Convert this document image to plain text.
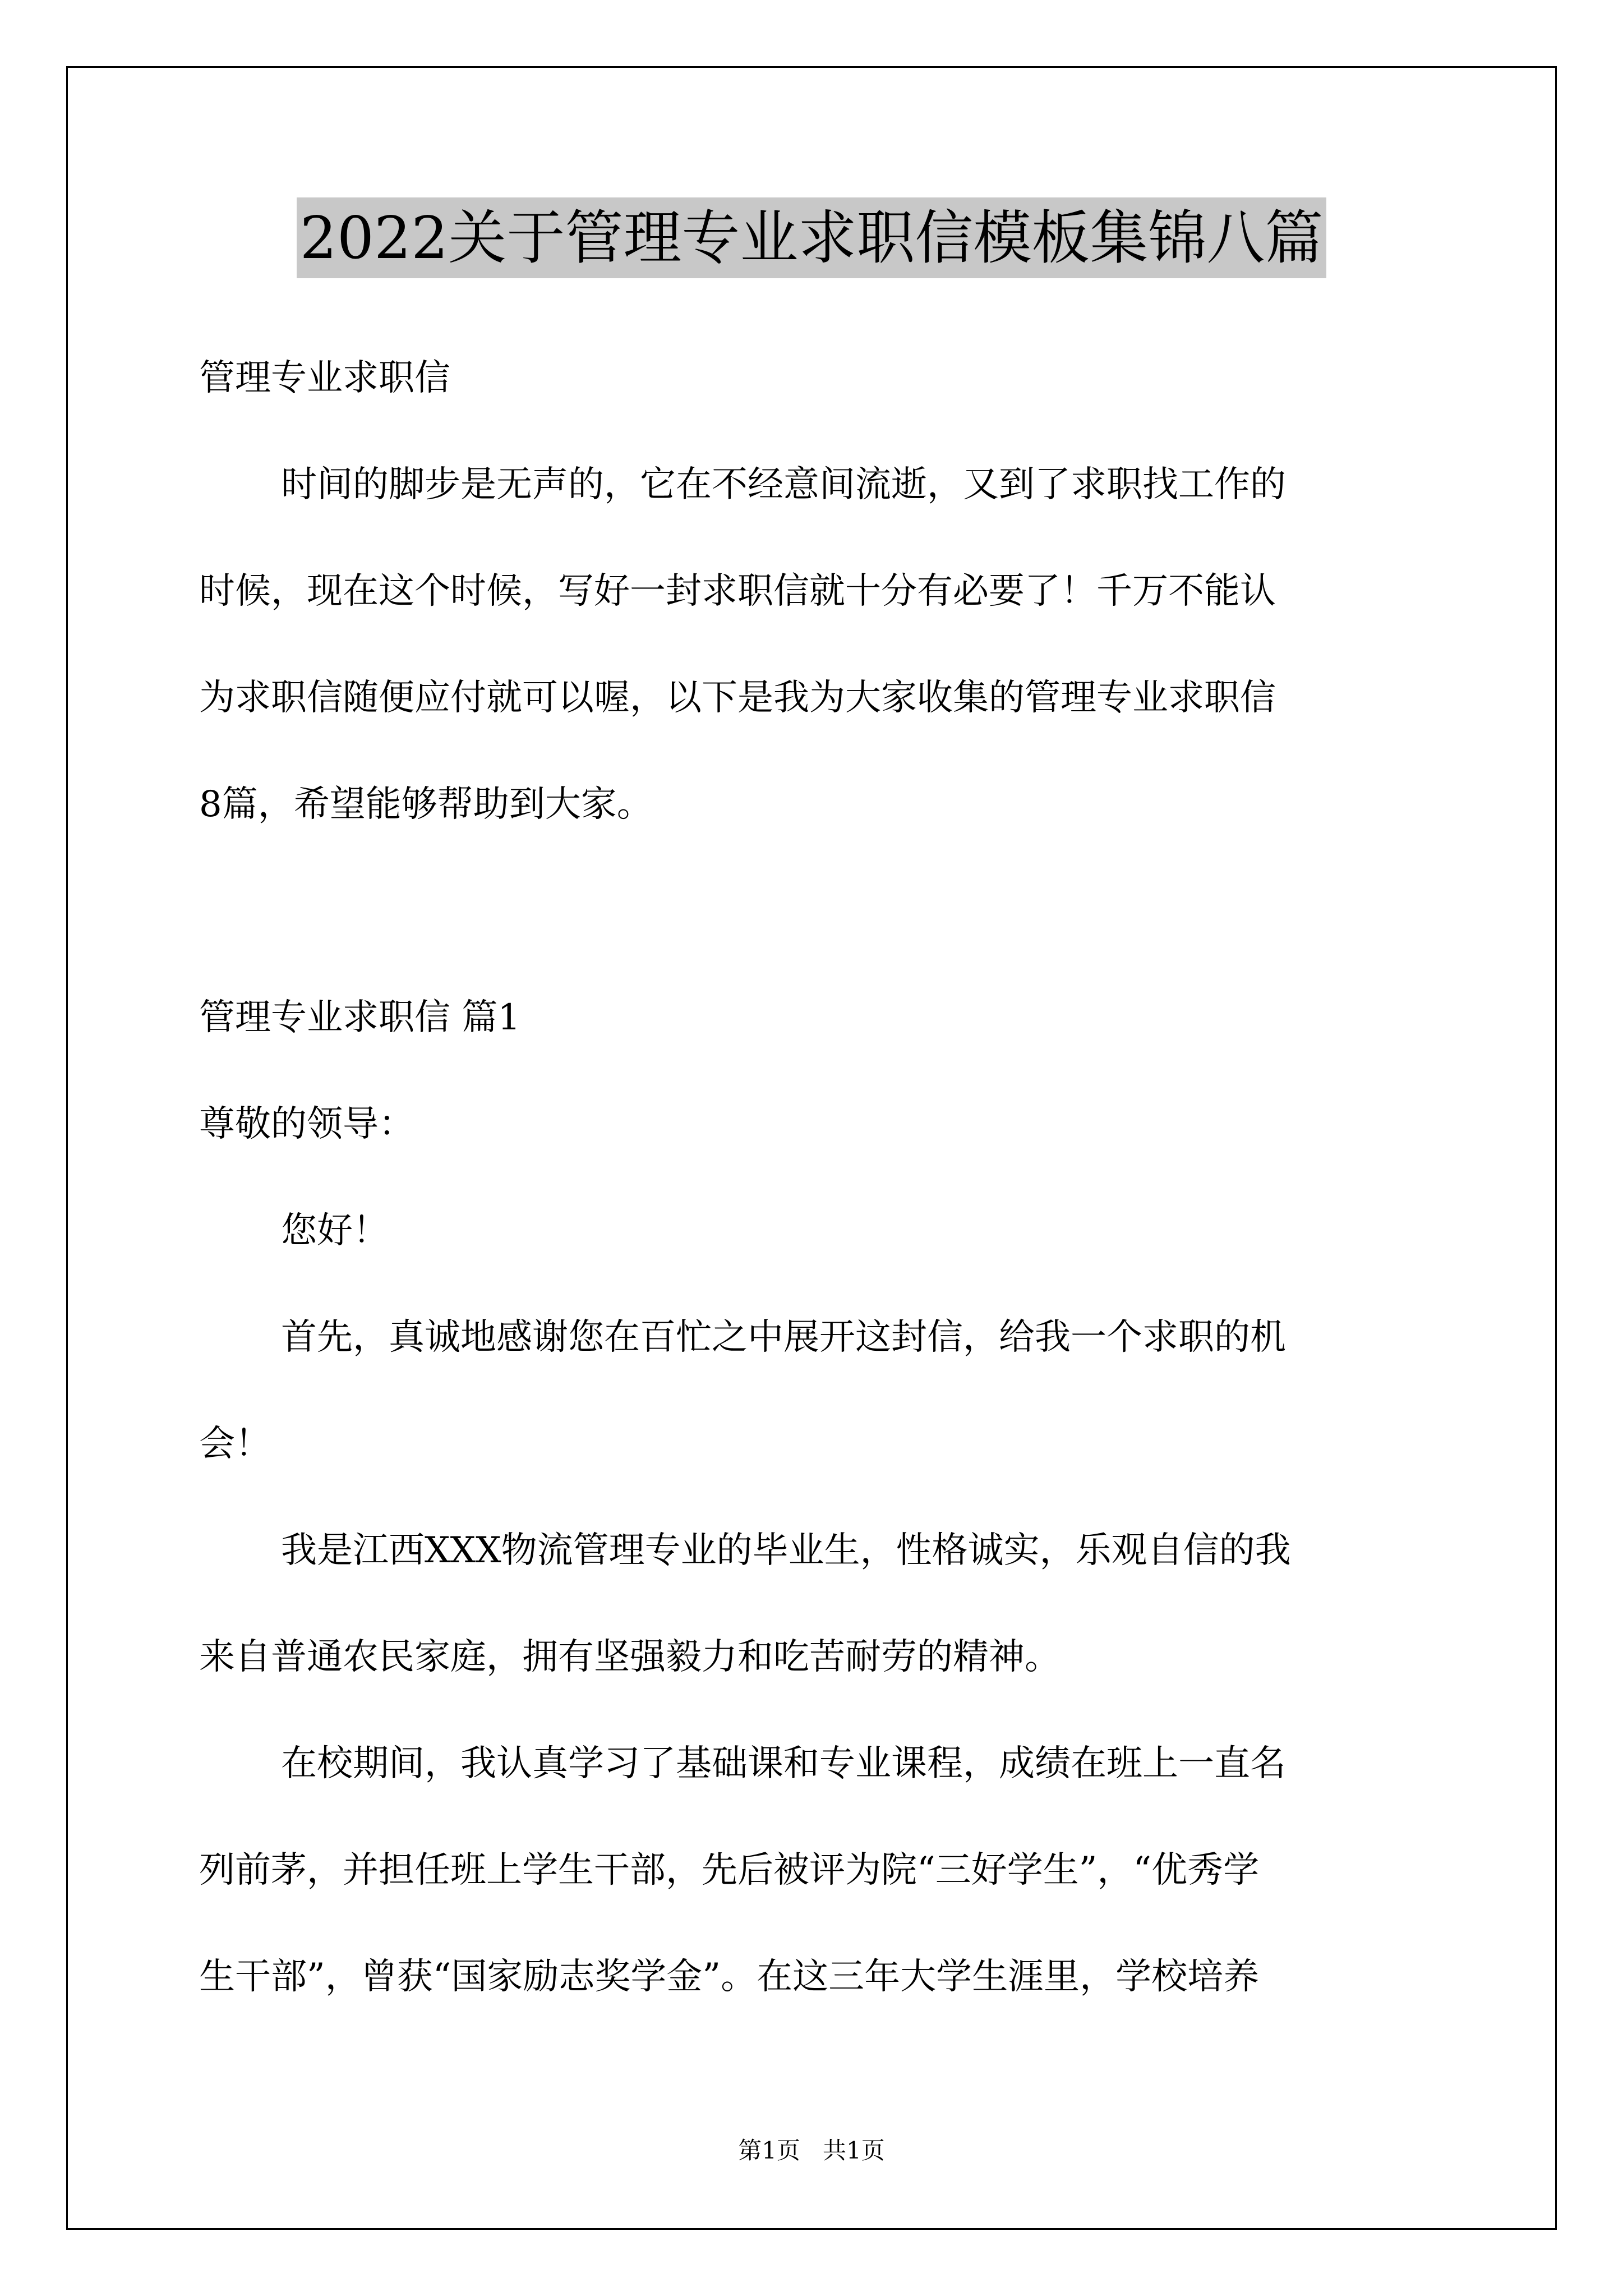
2022关于管理专业求职信模板集锦八篇
管理专业求职信
时间的脚步是无声的，它在不经意间流逝，又到了求职找工作的
时候，现在这个时候，写好一封求职信就十分有必要了！千万不能认
为求职信随便应付就可以喔，以下是我为大家收集的管理专业求职信
8篇，希望能够帮助到大家。
管理专业求职信 篇1
尊敬的领导：
您好！
首先，真诚地感谢您在百忙之中展开这封信，给我一个求职的机
会！
我是江西XXX物流管理专业的毕业生，性格诚实，乐观自信的我
来自普通农民家庭，拥有坚强毅力和吃苦耐劳的精神。
在校期间，我认真学习了基础课和专业课程，成绩在班上一直名
列前茅，并担任班上学生干部，先后被评为院“三好学生”，“优秀学
生干部”，曾获“国家励志奖学金”。在这三年大学生涯里，学校培养
第1页   共1页
